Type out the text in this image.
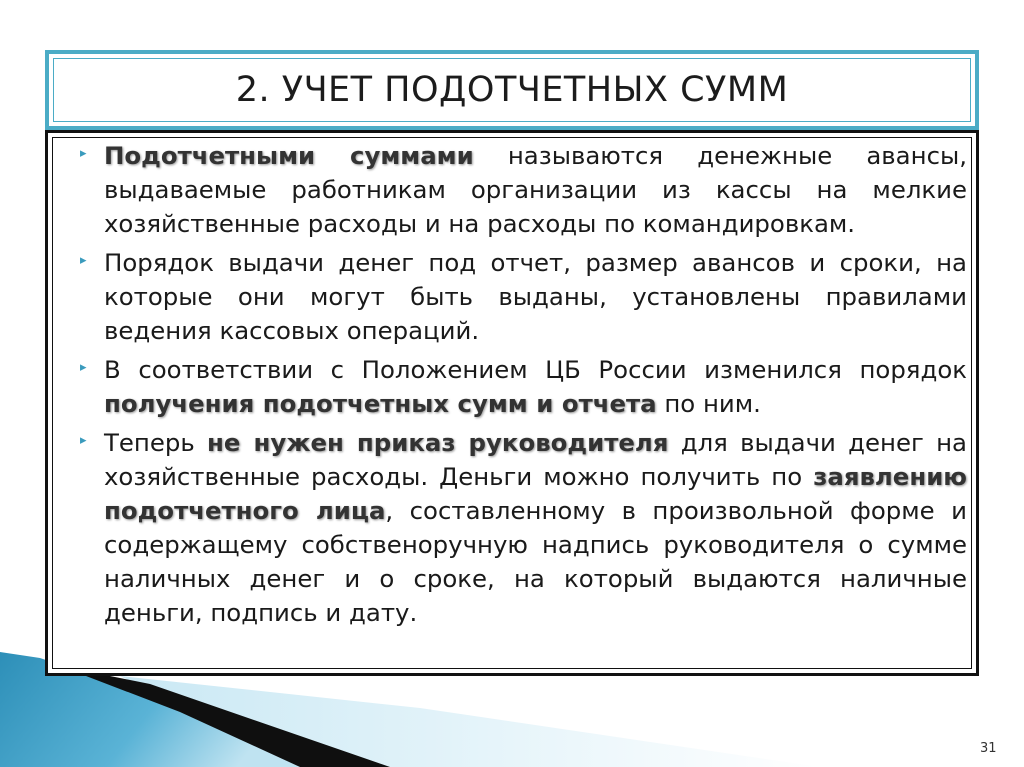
2. УЧЕТ ПОДОТЧЕТНЫХ СУММ
▸ Подотчетными суммами называются денежные авансы, выдаваемые работникам организации из кассы на мелкие хозяйственные расходы и на расходы по командировкам.
▸ Порядок выдачи денег под отчет, размер авансов и сроки, на которые они могут быть выданы, установлены правилами ведения кассовых операций.
▸ В соответствии с Положением ЦБ России изменился порядок получения подотчетных сумм и отчета по ним.
▸ Теперь не нужен приказ руководителя для выдачи денег на хозяйственные расходы. Деньги можно получить по заявлению подотчетного лица, составленному в произвольной форме и содержащему собственоручную надпись руководителя о сумме наличных денег и о сроке, на который выдаются наличные деньги, подпись и дату.
31
